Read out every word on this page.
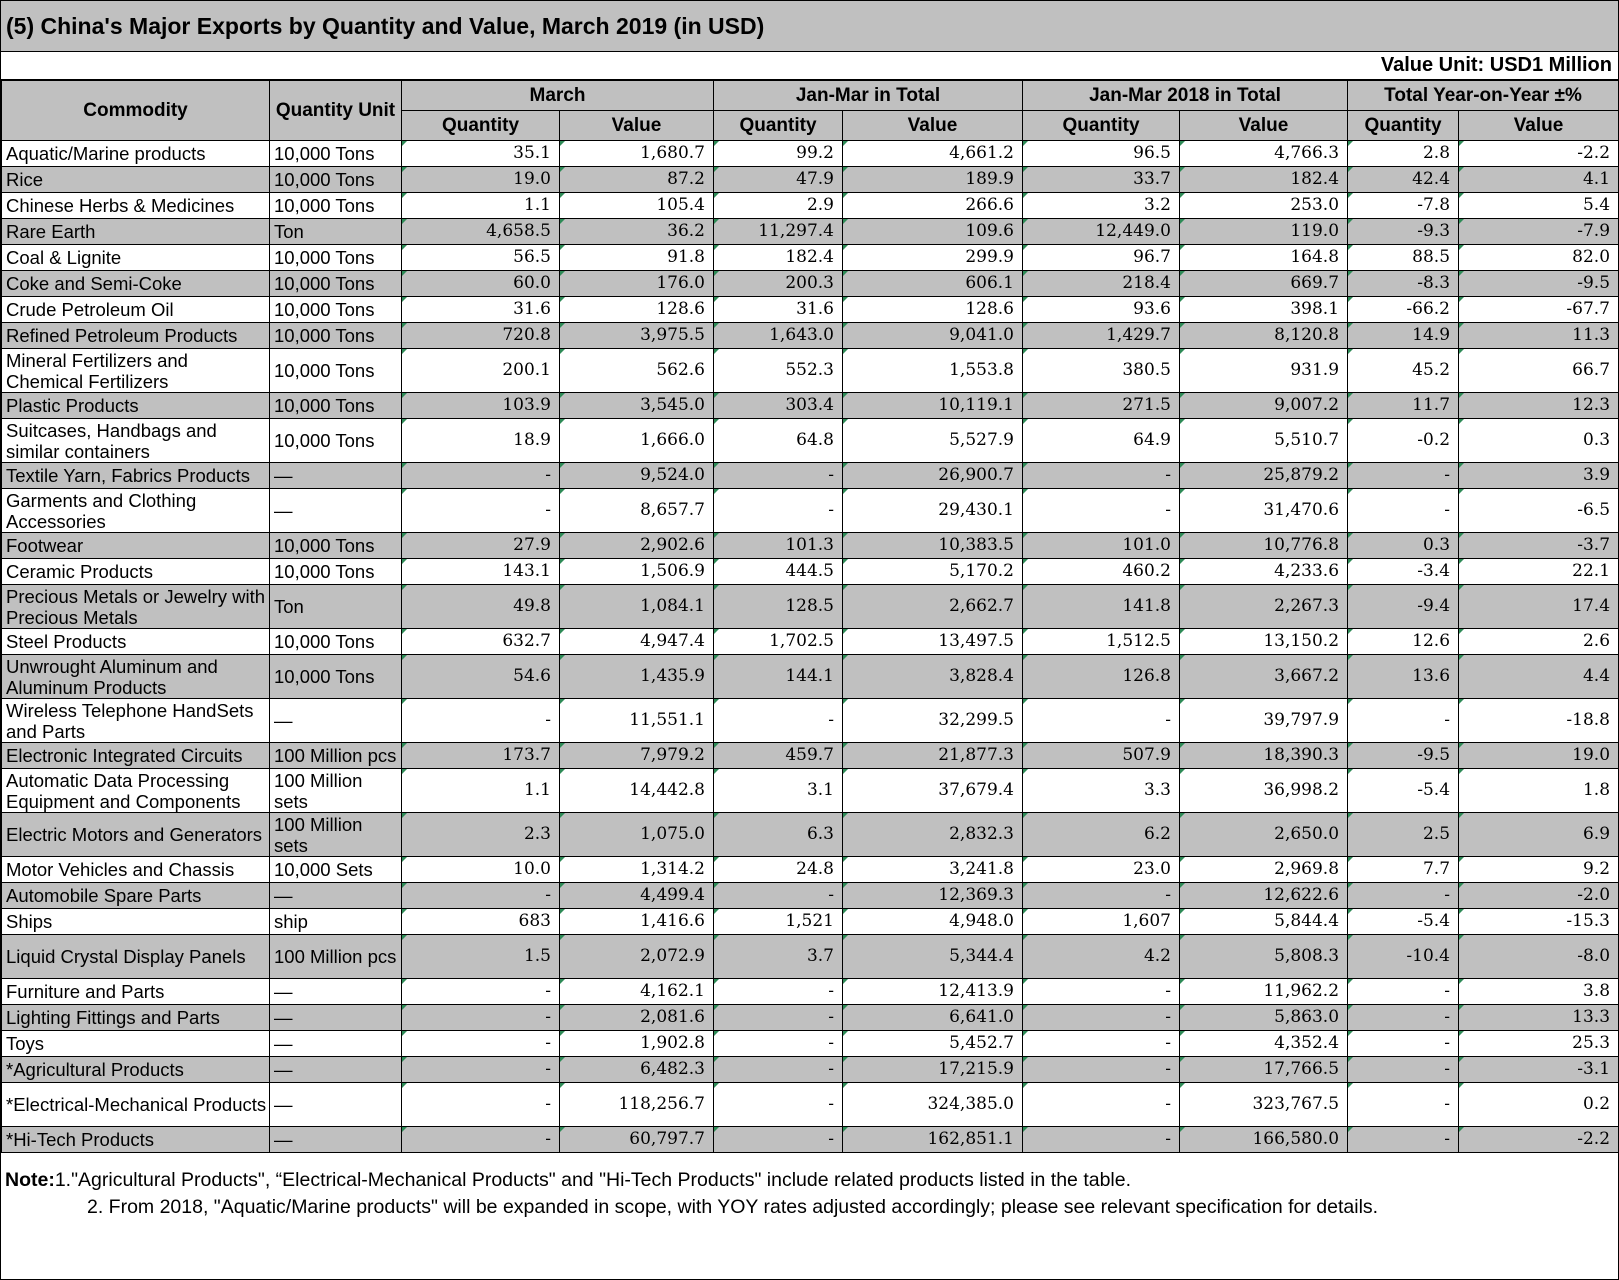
(5) China's Major Exports by Quantity and Value, March 2019 (in USD)
Value Unit: USD1 Million
Commodity	Quantity Unit	March		Jan-Mar in Total		Jan-Mar 2018 in Total		Total Year-on-Year ±%	
		Quantity	Value	Quantity	Value	Quantity	Value	Quantity	Value
Aquatic/Marine products	10,000 Tons	35.1	1,680.7	99.2	4,661.2	96.5	4,766.3	2.8	-2.2
Rice	10,000 Tons	19.0	87.2	47.9	189.9	33.7	182.4	42.4	4.1
Chinese Herbs & Medicines	10,000 Tons	1.1	105.4	2.9	266.6	3.2	253.0	-7.8	5.4
Rare Earth	Ton	4,658.5	36.2	11,297.4	109.6	12,449.0	119.0	-9.3	-7.9
Coal & Lignite	10,000 Tons	56.5	91.8	182.4	299.9	96.7	164.8	88.5	82.0
Coke and Semi-Coke	10,000 Tons	60.0	176.0	200.3	606.1	218.4	669.7	-8.3	-9.5
Crude Petroleum Oil	10,000 Tons	31.6	128.6	31.6	128.6	93.6	398.1	-66.2	-67.7
Refined Petroleum Products	10,000 Tons	720.8	3,975.5	1,643.0	9,041.0	1,429.7	8,120.8	14.9	11.3
Mineral Fertilizers and Chemical Fertilizers	10,000 Tons	200.1	562.6	552.3	1,553.8	380.5	931.9	45.2	66.7
Plastic Products	10,000 Tons	103.9	3,545.0	303.4	10,119.1	271.5	9,007.2	11.7	12.3
Suitcases, Handbags and similar containers	10,000 Tons	18.9	1,666.0	64.8	5,527.9	64.9	5,510.7	-0.2	0.3
Textile Yarn, Fabrics Products	—	-	9,524.0	-	26,900.7	-	25,879.2	-	3.9
Garments and Clothing Accessories	—	-	8,657.7	-	29,430.1	-	31,470.6	-	-6.5
Footwear	10,000 Tons	27.9	2,902.6	101.3	10,383.5	101.0	10,776.8	0.3	-3.7
Ceramic Products	10,000 Tons	143.1	1,506.9	444.5	5,170.2	460.2	4,233.6	-3.4	22.1
Precious Metals or Jewelry with Precious Metals	Ton	49.8	1,084.1	128.5	2,662.7	141.8	2,267.3	-9.4	17.4
Steel Products	10,000 Tons	632.7	4,947.4	1,702.5	13,497.5	1,512.5	13,150.2	12.6	2.6
Unwrought Aluminum and Aluminum Products	10,000 Tons	54.6	1,435.9	144.1	3,828.4	126.8	3,667.2	13.6	4.4
Wireless Telephone HandSets and Parts	—	-	11,551.1	-	32,299.5	-	39,797.9	-	-18.8
Electronic Integrated Circuits	100 Million pcs	173.7	7,979.2	459.7	21,877.3	507.9	18,390.3	-9.5	19.0
Automatic Data Processing Equipment and Components	100 Million sets	1.1	14,442.8	3.1	37,679.4	3.3	36,998.2	-5.4	1.8
Electric Motors and Generators	100 Million sets	2.3	1,075.0	6.3	2,832.3	6.2	2,650.0	2.5	6.9
Motor Vehicles and Chassis	10,000 Sets	10.0	1,314.2	24.8	3,241.8	23.0	2,969.8	7.7	9.2
Automobile Spare Parts	—	-	4,499.4	-	12,369.3	-	12,622.6	-	-2.0
Ships	ship	683	1,416.6	1,521	4,948.0	1,607	5,844.4	-5.4	-15.3
Liquid Crystal Display Panels	100 Million pcs	1.5	2,072.9	3.7	5,344.4	4.2	5,808.3	-10.4	-8.0
Furniture and Parts	—	-	4,162.1	-	12,413.9	-	11,962.2	-	3.8
Lighting Fittings and Parts	—	-	2,081.6	-	6,641.0	-	5,863.0	-	13.3
Toys	—	-	1,902.8	-	5,452.7	-	4,352.4	-	25.3
*Agricultural Products	—	-	6,482.3	-	17,215.9	-	17,766.5	-	-3.1
*Electrical-Mechanical Products	—	-	118,256.7	-	324,385.0	-	323,767.5	-	0.2
*Hi-Tech Products	—	-	60,797.7	-	162,851.1	-	166,580.0	-	-2.2
Note:1."Agricultural Products", “Electrical-Mechanical Products" and "Hi-Tech Products" include related products listed in the table.
2. From 2018, "Aquatic/Marine products" will be expanded in scope, with YOY rates adjusted accordingly; please see relevant specification for details.
